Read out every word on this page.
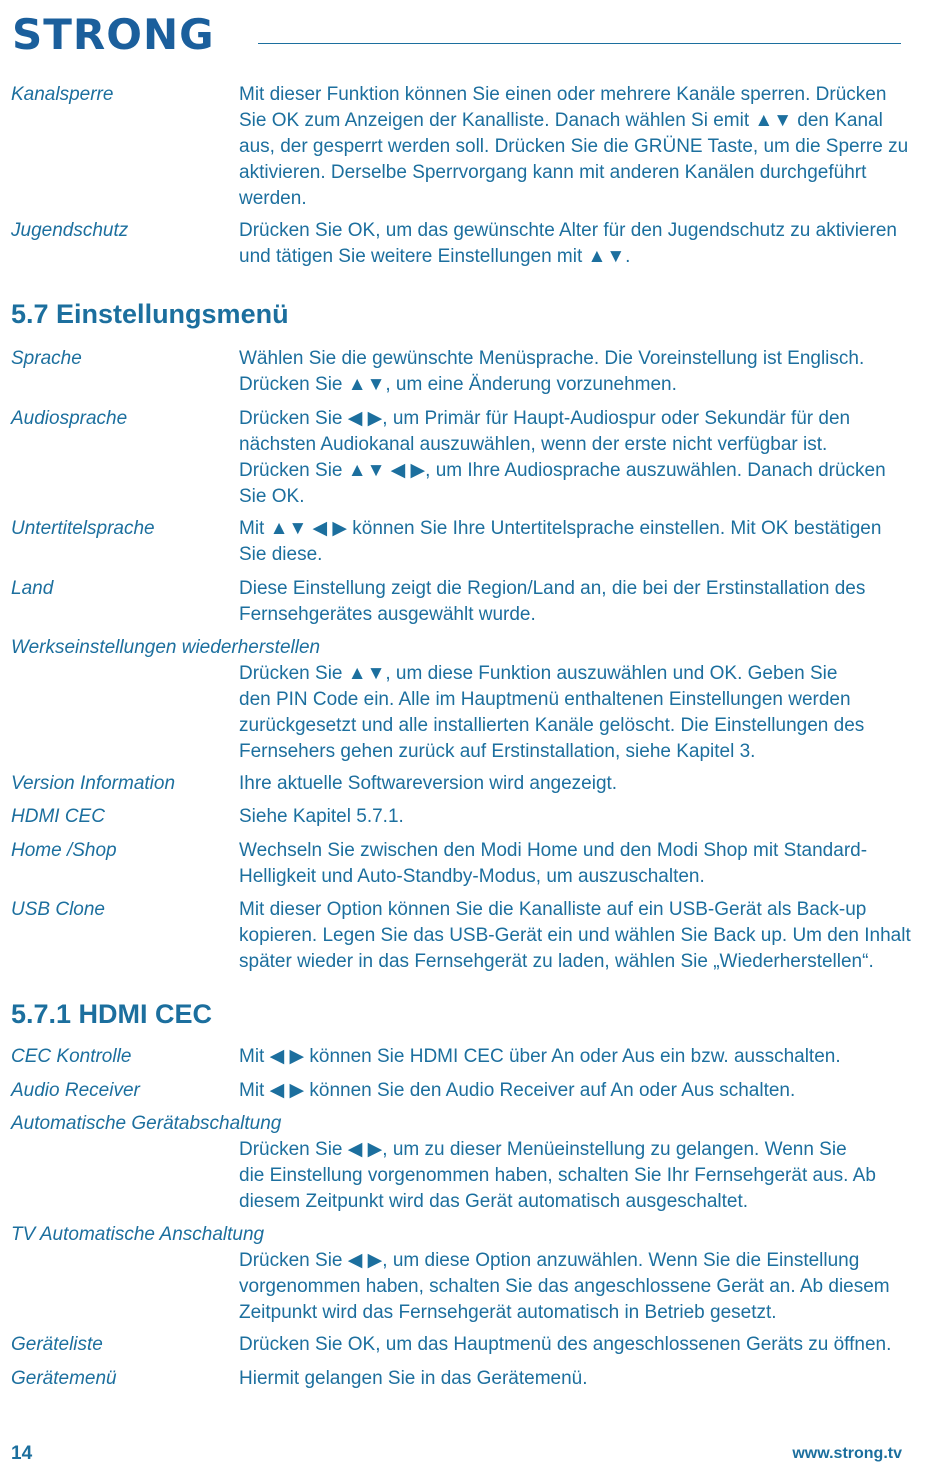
STRONG
Kanalsperre	Mit dieser Funktion können Sie einen oder mehrere Kanäle sperren. Drücken
Sie OK zum Anzeigen der Kanalliste. Danach wählen Si emit ▲▼ den Kanal
aus, der gesperrt werden soll. Drücken Sie die GRÜNE Taste, um die Sperre zu
aktivieren. Derselbe Sperrvorgang kann mit anderen Kanälen durchgeführt
werden.
Jugendschutz	Drücken Sie OK, um das gewünschte Alter für den Jugendschutz zu aktivieren
und tätigen Sie weitere Einstellungen mit ▲▼.
5.7 Einstellungsmenü
Sprache	Wählen Sie die gewünschte Menüsprache. Die Voreinstellung ist Englisch.
Drücken Sie ▲▼, um eine Änderung vorzunehmen.
Audiosprache	Drücken Sie ◀ ▶, um Primär für Haupt-Audiospur oder Sekundär für den
nächsten Audiokanal auszuwählen, wenn der erste nicht verfügbar ist.
Drücken Sie ▲▼ ◀ ▶, um Ihre Audiosprache auszuwählen. Danach drücken
Sie OK.
Untertitelsprache	Mit ▲▼ ◀ ▶ können Sie Ihre Untertitelsprache einstellen. Mit OK bestätigen
Sie diese.
Land	Diese Einstellung zeigt die Region/Land an, die bei der Erstinstallation des
Fernsehgerätes ausgewählt wurde.
Werkseinstellungen wiederherstellen
Drücken Sie ▲▼, um diese Funktion auszuwählen und OK. Geben Sie
den PIN Code ein. Alle im Hauptmenü enthaltenen Einstellungen werden
zurückgesetzt und alle installierten Kanäle gelöscht. Die Einstellungen des
Fernsehers gehen zurück auf Erstinstallation, siehe Kapitel 3.
Version Information	Ihre aktuelle Softwareversion wird angezeigt.
HDMI CEC	Siehe Kapitel 5.7.1.
Home /Shop	Wechseln Sie zwischen den Modi Home und den Modi Shop mit Standard-
Helligkeit und Auto-Standby-Modus, um auszuschalten.
USB Clone	Mit dieser Option können Sie die Kanalliste auf ein USB-Gerät als Back-up
kopieren. Legen Sie das USB-Gerät ein und wählen Sie Back up. Um den Inhalt
später wieder in das Fernsehgerät zu laden, wählen Sie „Wiederherstellen“.
5.7.1 HDMI CEC
CEC Kontrolle	Mit ◀ ▶ können Sie HDMI CEC über An oder Aus ein bzw. ausschalten.
Audio Receiver	Mit ◀ ▶ können Sie den Audio Receiver auf An oder Aus schalten.
Automatische Gerätabschaltung
Drücken Sie ◀ ▶, um zu dieser Menüeinstellung zu gelangen. Wenn Sie
die Einstellung vorgenommen haben, schalten Sie Ihr Fernsehgerät aus. Ab
diesem Zeitpunkt wird das Gerät automatisch ausgeschaltet.
TV Automatische Anschaltung
Drücken Sie ◀ ▶, um diese Option anzuwählen. Wenn Sie die Einstellung
vorgenommen haben, schalten Sie das angeschlossene Gerät an. Ab diesem
Zeitpunkt wird das Fernsehgerät automatisch in Betrieb gesetzt.
Geräteliste	Drücken Sie OK, um das Hauptmenü des angeschlossenen Geräts zu öffnen.
Gerätemenü	Hiermit gelangen Sie in das Gerätemenü.
14	www.strong.tv
